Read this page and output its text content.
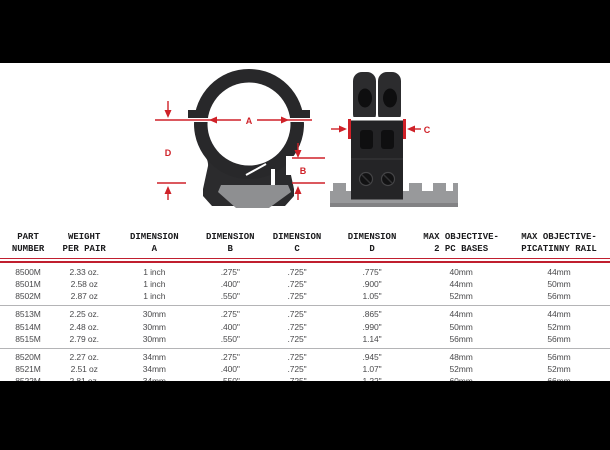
A
D
B
C
PART
NUMBER

WEIGHT
PER PAIR

DIMENSION
A

DIMENSION
B

DIMENSION
C

DIMENSION
D

MAX OBJECTIVE-
2 PC BASES

MAX OBJECTIVE-
PICATINNY RAIL

8500M	2.33 oz.	1 inch	.275"	.725"	.775"	40mm	44mm
8501M	2.58 oz	1 inch	.400"	.725"	.900"	44mm	50mm
8502M	2.87 oz	1 inch	.550"	.725"	1.05"	52mm	56mm
8513M	2.25 oz.	30mm	.275"	.725"	.865"	44mm	44mm
8514M	2.48 oz.	30mm	.400"	.725"	.990"	50mm	52mm
8515M	2.79 oz.	30mm	.550"	.725"	1.14"	56mm	56mm
8520M	2.27 oz.	34mm	.275"	.725"	.945"	48mm	56mm
8521M	2.51 oz	34mm	.400"	.725"	1.07"	52mm	52mm
